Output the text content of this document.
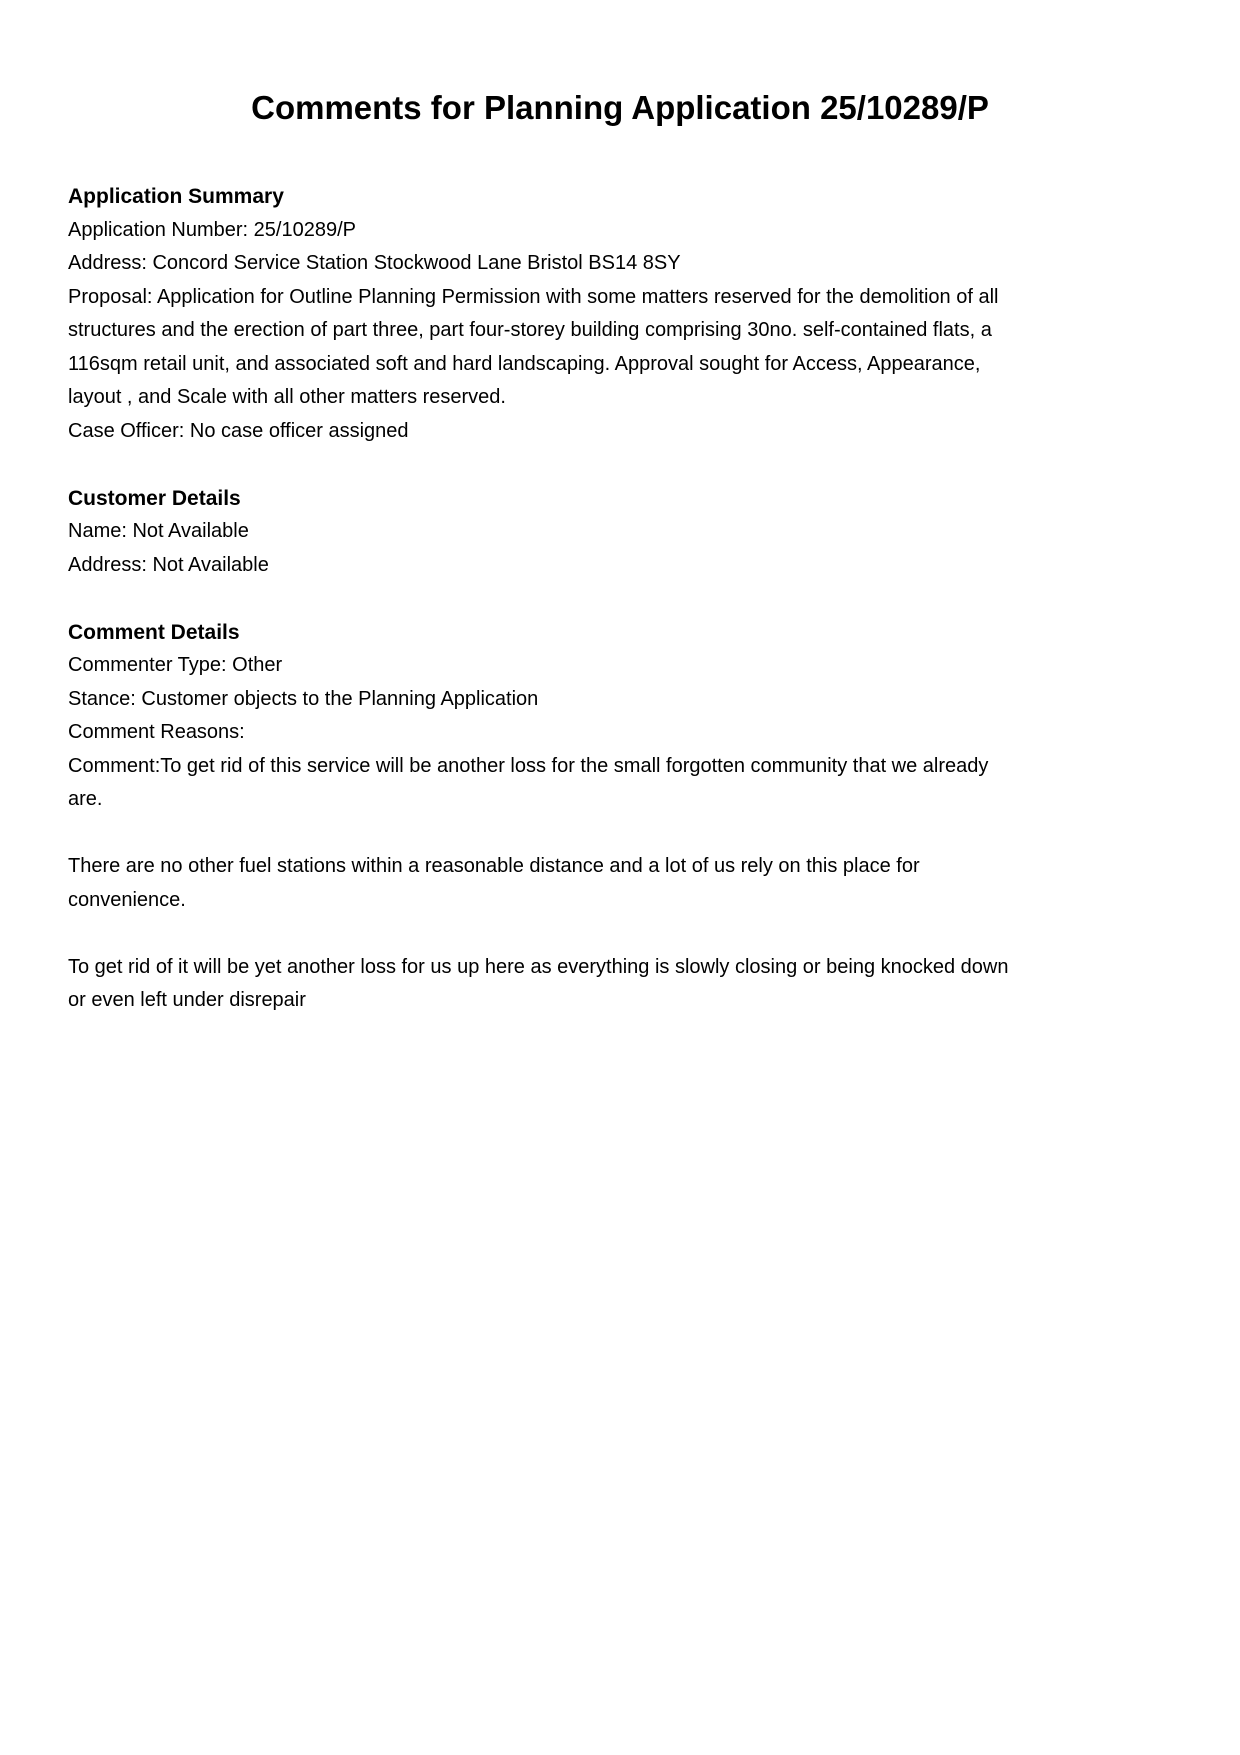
Comments for Planning Application 25/10289/P
Application Summary

Application Number: 25/10289/P

Address: Concord Service Station Stockwood Lane Bristol BS14 8SY

Proposal: Application for Outline Planning Permission with some matters reserved for the demolition of all structures and the erection of part three, part four-storey building comprising 30no. self-contained flats, a 116sqm retail unit, and associated soft and hard landscaping. Approval sought for Access, Appearance, layout , and Scale with all other matters reserved.

Case Officer: No case officer assigned

Customer Details

Name: Not Available

Address: Not Available

Comment Details

Commenter Type: Other

Stance: Customer objects to the Planning Application

Comment Reasons:

Comment:To get rid of this service will be another loss for the small forgotten community that we already are.

There are no other fuel stations within a reasonable distance and a lot of us rely on this place for convenience.

To get rid of it will be yet another loss for us up here as everything is slowly closing or being knocked down or even left under disrepair
